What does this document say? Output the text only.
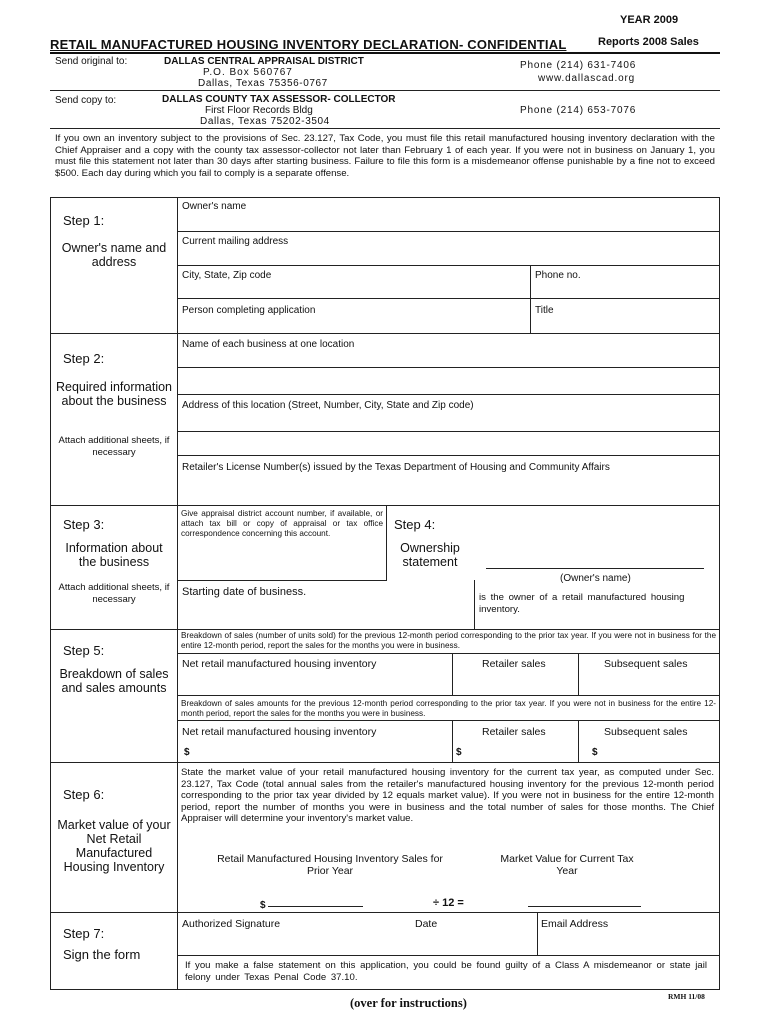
YEAR 2009
Reports 2008 Sales
RETAIL MANUFACTURED HOUSING INVENTORY DECLARATION- CONFIDENTIAL
Send original to:	DALLAS CENTRAL APPRAISAL DISTRICT
P.O. Box 560767
Dallas, Texas 75356-0767
Phone (214) 631-7406
www.dallascad.org
Send copy to:	DALLAS COUNTY TAX ASSESSOR- COLLECTOR
First Floor Records Bldg
Dallas, Texas 75202-3504
Phone (214) 653-7076
If you own an inventory subject to the provisions of Sec. 23.127, Tax Code, you must file this retail manufactured housing inventory declaration with the Chief Appraiser and a copy with the county tax assessor-collector not later than February 1 of each year. If you were not in business on January 1, you must file this statement not later than 30 days after starting business. Failure to file this form is a misdemeanor offense punishable by a fine not to exceed $500. Each day during which you fail to comply is a separate offense.
Step 1:
Owner's name and address
Owner's name
Current mailing address
City, State, Zip code	Phone no.
Person completing application	Title
Step 2:
Required information about the business
Attach additional sheets, if necessary
Name of each business at one location
Address of this location (Street, Number, City, State and Zip code)
Retailer's License Number(s) issued by the Texas Department of Housing and Community Affairs
Step 3:
Information about the business
Attach additional sheets, if necessary
Give appraisal district account number, if available, or attach tax bill or copy of appraisal or tax office correspondence concerning this account.
Starting date of business.
Step 4:
Ownership statement
(Owner's name)
is the owner of a retail manufactured housing inventory.
Step 5:
Breakdown of sales and sales amounts
Breakdown of sales (number of units sold) for the previous 12-month period corresponding to the prior tax year. If you were not in business for the entire 12-month period, report the sales for the months you were in business.
Net retail manufactured housing inventory	Retailer sales	Subsequent sales
Breakdown of sales amounts for the previous 12-month period corresponding to the prior tax year. If you were not in business for the entire 12-month period, report the sales for the months you were in business.
Net retail manufactured housing inventory	Retailer sales	Subsequent sales
$	$	$
Step 6:
Market value of your Net Retail Manufactured Housing Inventory
State the market value of your retail manufactured housing inventory for the current tax year, as computed under Sec. 23.127, Tax Code (total annual sales from the retailer's manufactured housing inventory for the previous 12-month period corresponding to the prior tax year divided by 12 equals market value). If you were not in business for the entire 12-month period, report the number of months you were in business and the total number of sales for those months. The Chief Appraiser will determine your inventory's market value.
Retail Manufactured Housing Inventory Sales for Prior Year
Market Value for Current Tax Year
$	÷ 12 =
Step 7:
Sign the form
Authorized Signature	Date	Email Address
If you make a false statement on this application, you could be found guilty of a Class A misdemeanor or state jail felony under Texas Penal Code 37.10.
(over for instructions)	RMH 11/08
